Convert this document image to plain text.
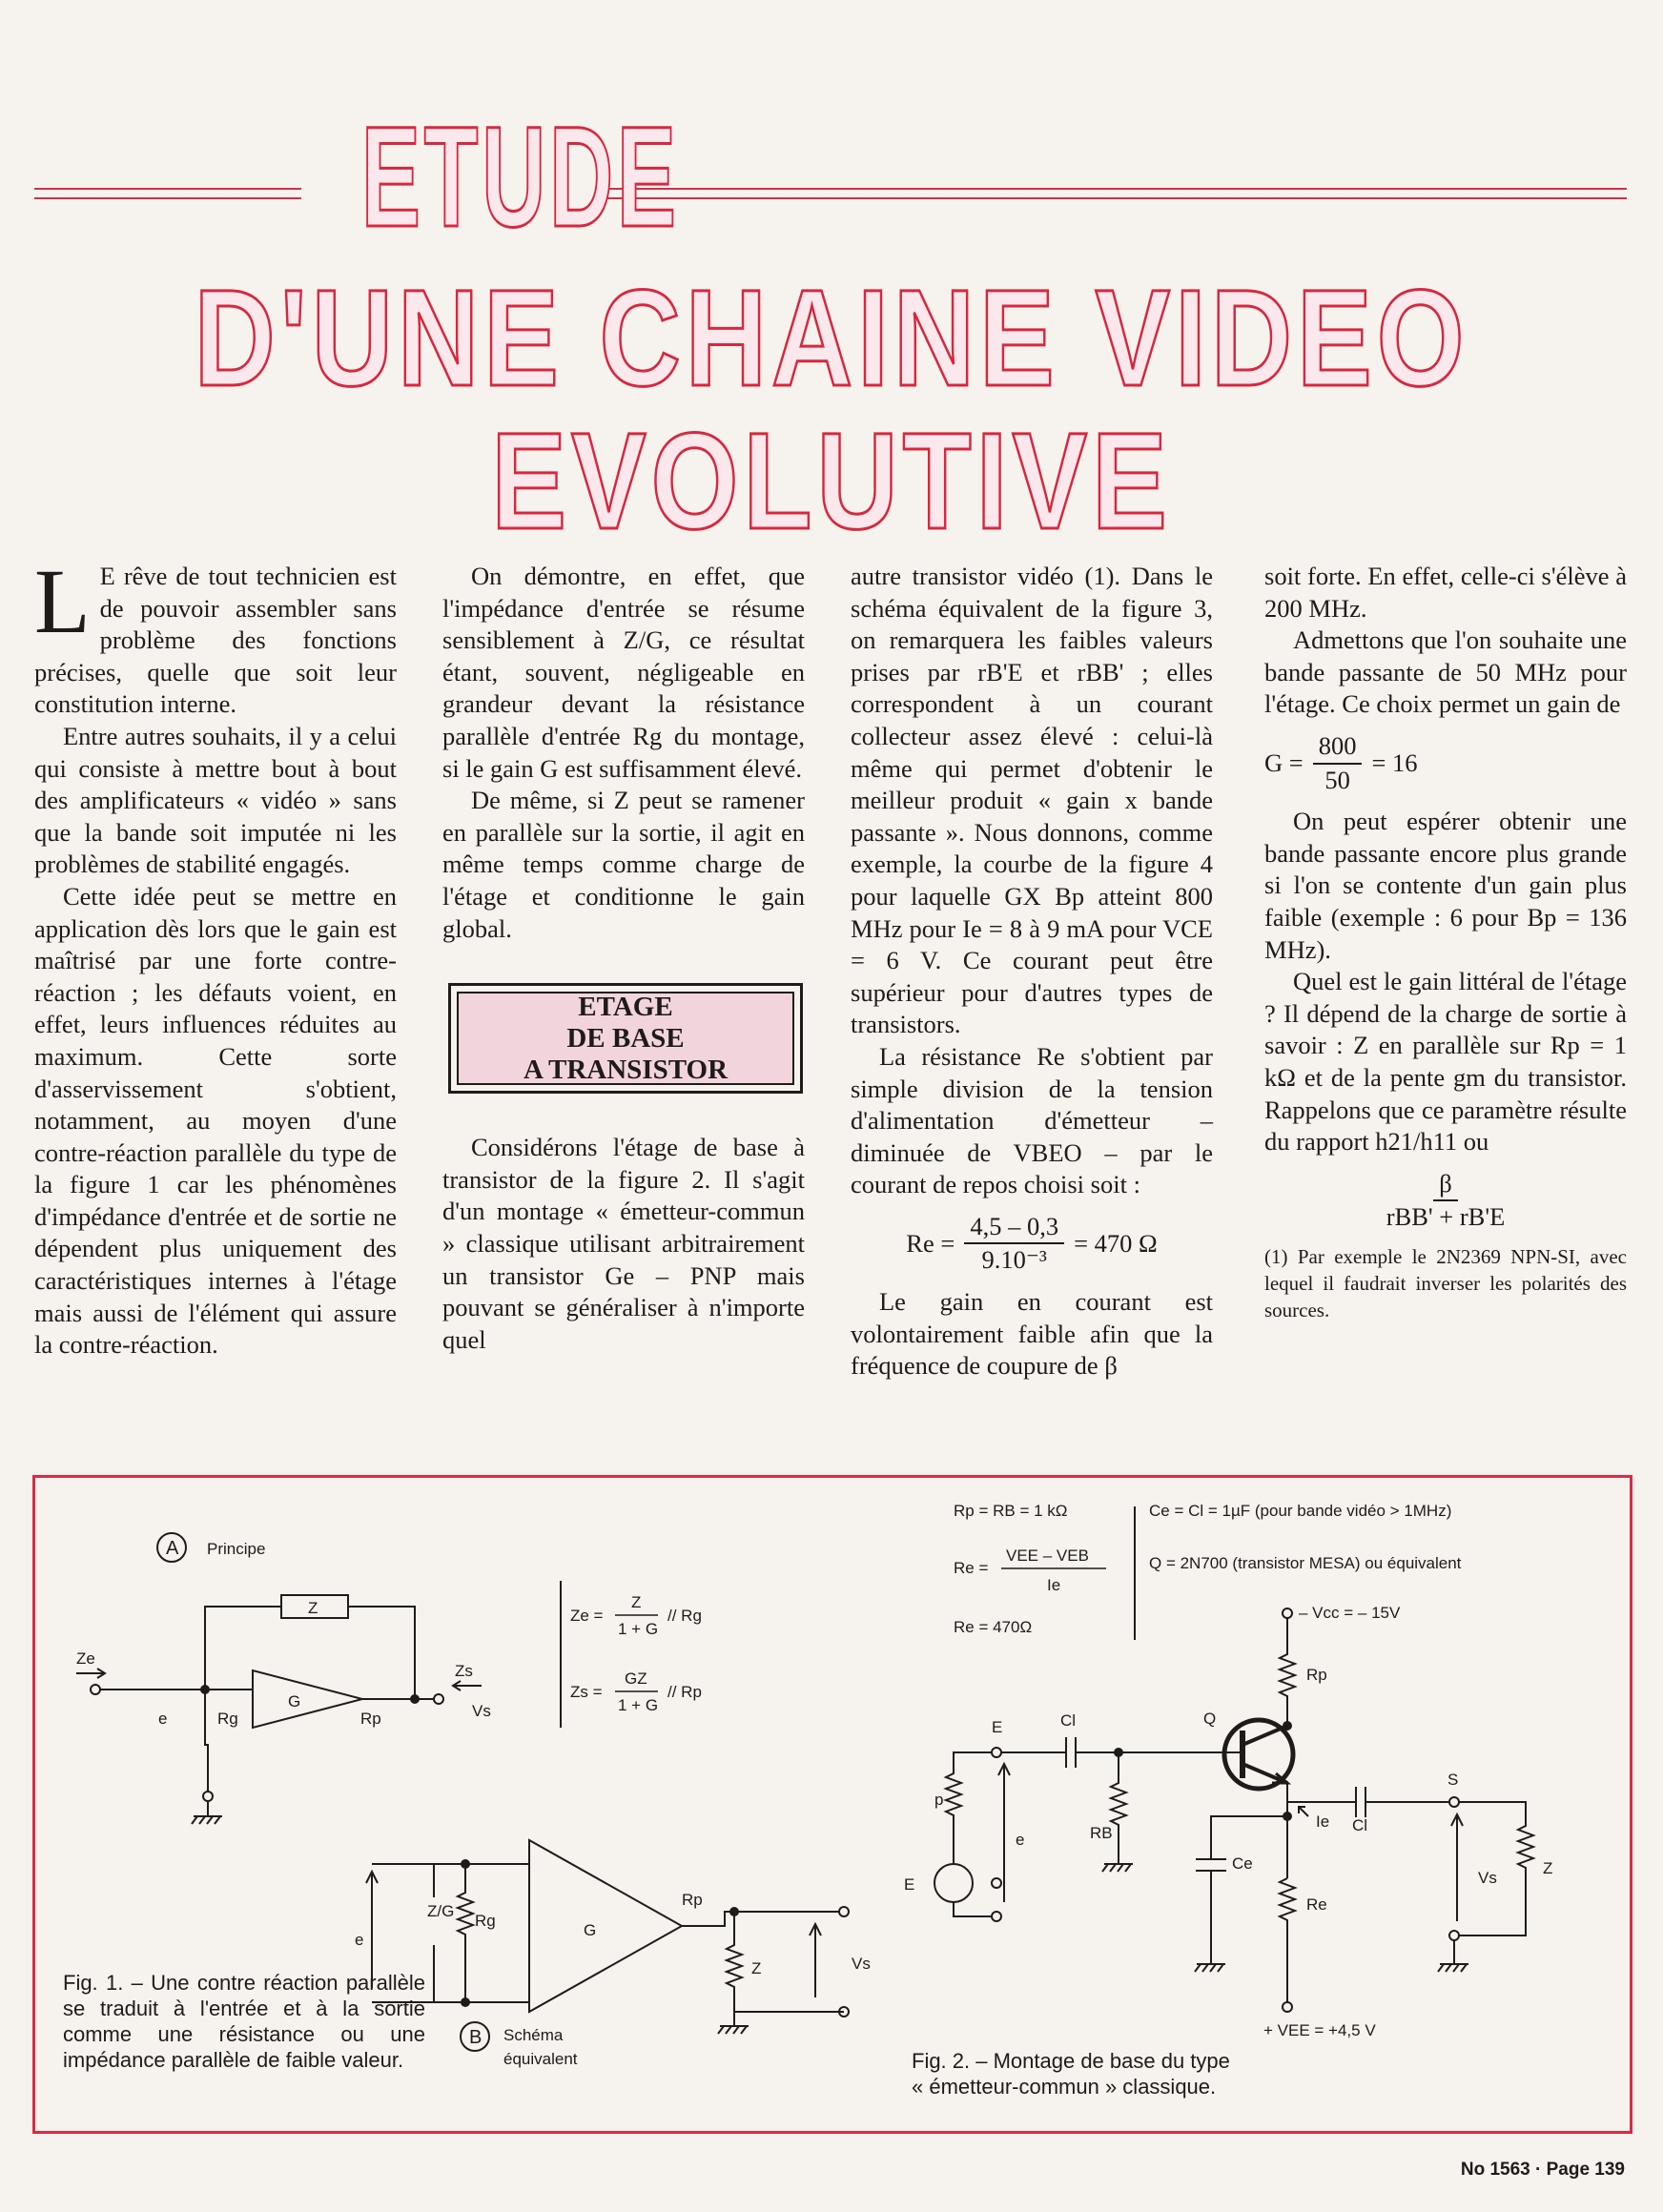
ETUDE
D'UNE CHAINE VIDEO EVOLUTIVE

L E rêve de tout technicien est de pouvoir assembler sans problème des fonctions précises, quelle que soit leur constitution interne.

Entre autres souhaits, il y a celui qui consiste à mettre bout à bout des amplificateurs « vidéo » sans que la bande soit imputée ni les problèmes de stabilité engagés.

Cette idée peut se mettre en application dès lors que le gain est maîtrisé par une forte contre-réaction ; les défauts voient, en effet, leurs influences réduites au maximum. Cette sorte d'asservissement s'obtient, notamment, au moyen d'une contre-réaction parallèle du type de la figure 1 car les phénomènes d'impédance d'entrée et de sortie ne dépendent plus uniquement des caractéristiques internes à l'étage mais aussi de l'élément qui assure la contre-réaction.

On démontre, en effet, que l'impédance d'entrée se résume sensiblement à Z/G, ce résultat étant, souvent, négligeable en grandeur devant la résistance parallèle d'entrée Rg du montage, si le gain G est suffisamment élevé.

De même, si Z peut se ramener en parallèle sur la sortie, il agit en même temps comme charge de l'étage et conditionne le gain global.

ETAGE
DE BASE
A TRANSISTOR

Considérons l'étage de base à transistor de la figure 2. Il s'agit d'un montage « émetteur-commun » classique utilisant arbitrairement un transistor Ge – PNP mais pouvant se généraliser à n'importe quel

autre transistor vidéo (1). Dans le schéma équivalent de la figure 3, on remarquera les faibles valeurs prises par rB'E et rBB' ; elles correspondent à un courant collecteur assez élevé : celui-là même qui permet d'obtenir le meilleur produit « gain x bande passante ». Nous donnons, comme exemple, la courbe de la figure 4 pour laquelle GX Bp atteint 800 MHz pour Ie = 8 à 9 mA pour VCE = 6 V. Ce courant peut être supérieur pour d'autres types de transistors.

La résistance Re s'obtient par simple division de la tension d'alimentation d'émetteur – diminuée de VBEO – par le courant de repos choisi soit :

$Re = \frac{4,5 - 0,3}{\text{9.10⁻³}} = 470$ Ω

Le gain en courant est volontairement faible afin que la fréquence de coupure de β

soit forte. En effet, celle-ci s'élève à 200 MHz.

Admettons que l'on souhaite une bande passante de 50 MHz pour l'étage. Ce choix permet un gain de

$G = \frac{800}{50} = 16$

On peut espérer obtenir une bande passante encore plus grande si l'on se contente d'un gain plus faible (exemple : 6 pour Bp = 136 MHz).

Quel est le gain littéral de l'étage ? Il dépend de la charge de sortie à savoir : Z en parallèle sur Rp = 1 kΩ et de la pente gm du transistor. Rappelons que ce paramètre résulte du rapport h21/h11 ou

$\frac{\beta}{\text{rBB' + rB'E}}$

(1) Par exemple le 2N2369 NPN-SI, avec lequel il faudrait inverser les polarités des sources.

A Principe
Ze
Zs
Z
G
Rg	Rp
e	Vs
Ze =
Z
1 + G
// Rg
Zs =
GZ
1 + G
// Rp
Z/G
Rg
G
Rp
e
Z	Vs
B Schéma
équivalent
Rp = RB = 1 kΩ
Re =
VEE – VEB
Ie
Re = 470Ω
Ce = Cl = 1µF (pour bande vidéo > 1MHz)
Q = 2N700 (transistor MESA) ou équivalent
– Vcc = – 15V
Rp
Q
Cl
E
RB
p
e
E
Ce
Re
Ie Cl
S
Vs
Z
+ VEE = +4,5 V
Fig. 1. – Une contre réaction parallèle se traduit à l'entrée et à la sortie comme une résistance ou une impédance parallèle de faible valeur.	Fig. 2. – Montage de base du type
« émetteur-commun » classique.
No 1563 · Page 139
